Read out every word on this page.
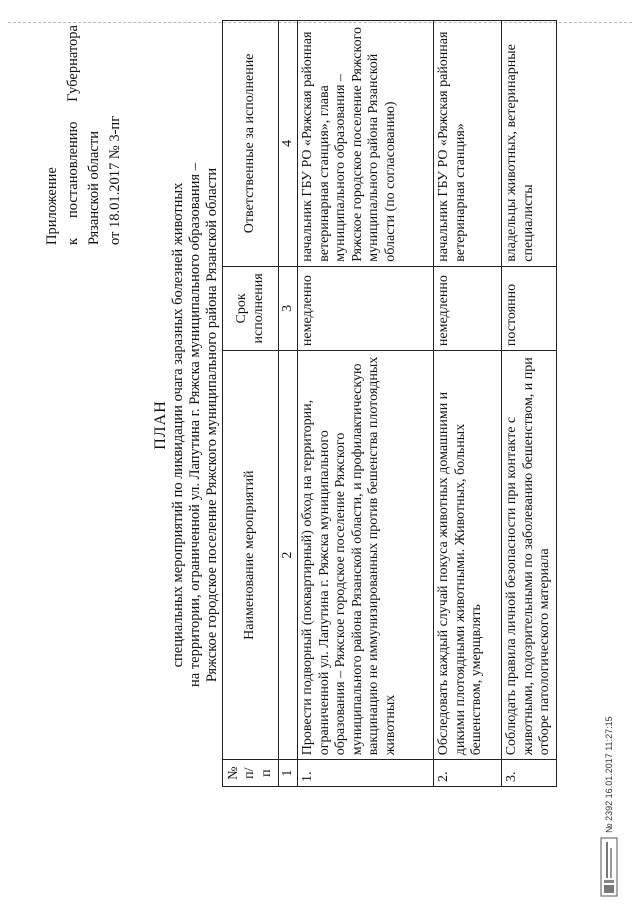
Приложение к
постановлению
Губернатора
Рязанской области от 18.01.2017 № 3-пг
ПЛАН специальных мероприятий по ликвидации очага заразных болезней животных на территории, ограниченной ул. Лапутина г. Ряжска муниципального образования – Ряжское городское поселение Ряжского муниципального района Рязанской области
№ п/п	Наименование мероприятий	Срок исполнения	Ответственные за исполнение
1	2	3	4
1.	Провести подворный (поквартирный) обход на территории, ограниченной ул. Лапутина г. Ряжска муниципального образования – Ряжское городское поселение Ряжского муниципального района Рязанской области, и профилактическую вакцинацию не иммунизированных против бешенства плотоядных животных	немедленно	начальник ГБУ РО «Ряжская районная ветеринарная станция», глава муниципального образования – Ряжское городское поселение Ряжского муниципального района Рязанской области (по согласованию)
2.	Обследовать каждый случай покуса животных домашними и дикими плотоядными животными. Животных, больных бешенством, умерщвлять	немедленно	начальник ГБУ РО «Ряжская районная ветеринарная станция»
3.	Соблюдать правила личной безопасности при контакте с животными, подозрительными по заболеванию бешенством, и при отборе патологического материала	постоянно	владельцы животных, ветеринарные специалисты
№ 2392 16.01.2017 11:27:15
